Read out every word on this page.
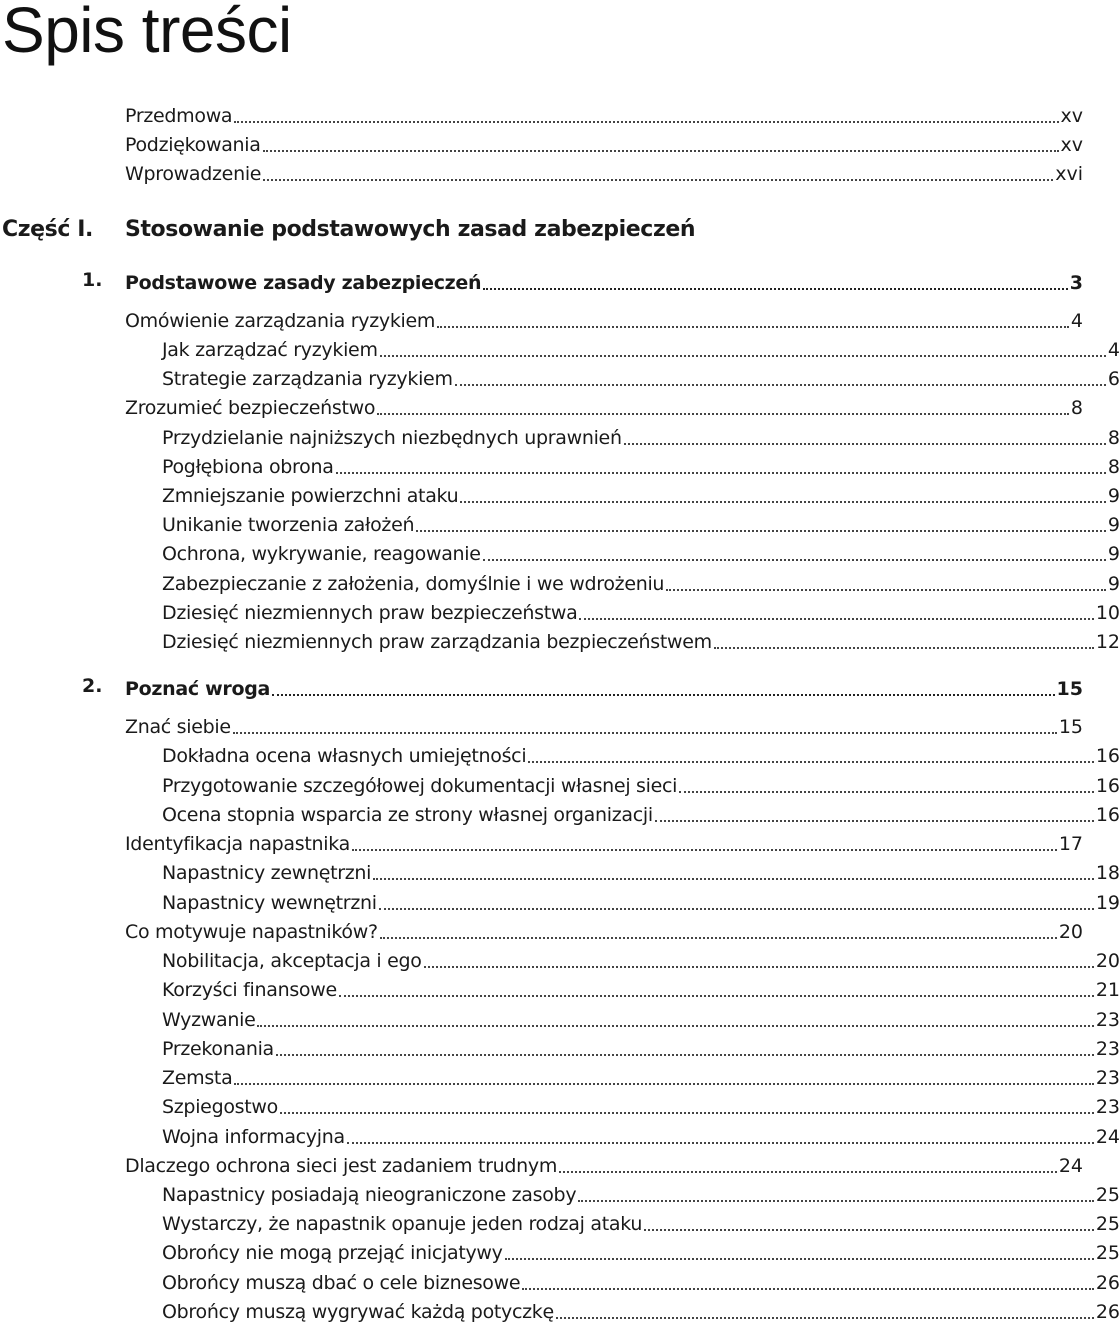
Spis treści
Przedmowa	xv
Podziękowania	xv
Wprowadzenie	xvi
Część I. Stosowanie podstawowych zasad zabezpieczeń
1. Podstawowe zasady zabezpieczeń	3
Omówienie zarządzania ryzykiem	4
Jak zarządzać ryzykiem	4
Strategie zarządzania ryzykiem	6
Zrozumieć bezpieczeństwo	8
Przydzielanie najniższych niezbędnych uprawnień	8
Pogłębiona obrona	8
Zmniejszanie powierzchni ataku	9
Unikanie tworzenia założeń	9
Ochrona, wykrywanie, reagowanie	9
Zabezpieczanie z założenia, domyślnie i we wdrożeniu	9
Dziesięć niezmiennych praw bezpieczeństwa	10
Dziesięć niezmiennych praw zarządzania bezpieczeństwem	12
2. Poznać wroga	15
Znać siebie	15
Dokładna ocena własnych umiejętności	16
Przygotowanie szczegółowej dokumentacji własnej sieci	16
Ocena stopnia wsparcia ze strony własnej organizacji	16
Identyfikacja napastnika	17
Napastnicy zewnętrzni	18
Napastnicy wewnętrzni	19
Co motywuje napastników?	20
Nobilitacja, akceptacja i ego	20
Korzyści finansowe	21
Wyzwanie	23
Przekonania	23
Zemsta	23
Szpiegostwo	23
Wojna informacyjna	24
Dlaczego ochrona sieci jest zadaniem trudnym	24
Napastnicy posiadają nieograniczone zasoby	25
Wystarczy, że napastnik opanuje jeden rodzaj ataku	25
Obrońcy nie mogą przejąć inicjatywy	25
Obrońcy muszą dbać o cele biznesowe	26
Obrońcy muszą wygrywać każdą potyczkę	26
